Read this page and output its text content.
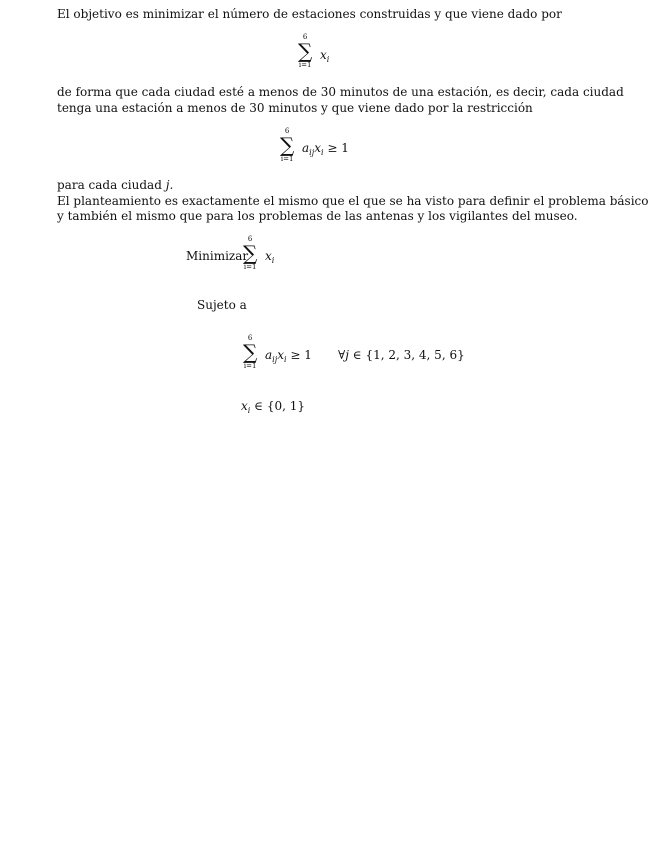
El objetivo es minimizar el número de estaciones construidas y que viene dado por
6
∑
i=1
$x_i$
de forma que cada ciudad esté a menos de 30 minutos de una estación, es decir, cada ciudad
tenga una estación a menos de 30 minutos y que viene dado por la restricción
6
∑
i=1
$a_{ij}x_i \ge 1$
para cada ciudad j.
El planteamiento es exactamente el mismo que el que se ha visto para definir el problema básico
y también el mismo que para los problemas de las antenas y los vigilantes del museo.
Minimizar
6
∑
i=1
$x_i$
Sujeto a
6
∑
i=1
$a_{ij}x_i \ge 1$ ∀j ∈ {1, 2, 3, 4, 5, 6}
$x_i$ ∈ {0, 1}
